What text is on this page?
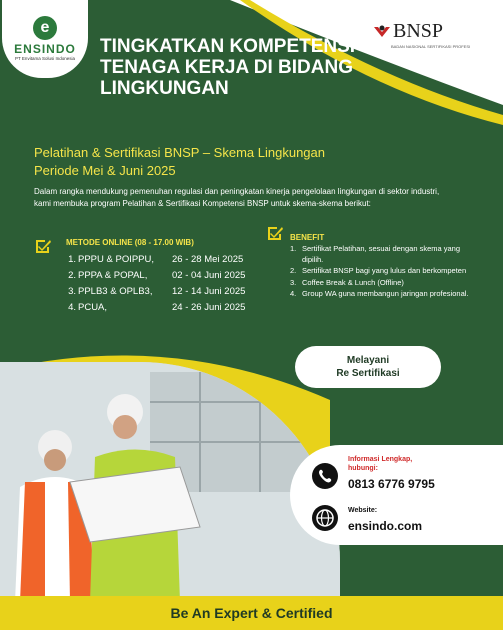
e
ENSINDO
PT Envitama Solusi Indonesia
BNSP
BADAN NASIONAL SERTIFIKASI PROFESI
TINGKATKAN KOMPETENSI TENAGA KERJA DI BIDANG LINGKUNGAN
Pelatihan & Sertifikasi BNSP – Skema Lingkungan
Periode Mei & Juni 2025
Dalam rangka mendukung pemenuhan regulasi dan peningkatan kinerja pengelolaan lingkungan di sektor industri, kami membuka program Pelatihan & Sertifikasi Kompetensi BNSP untuk skema-skema berikut:
METODE ONLINE (08 - 17.00 WIB)
1. PPPU & POIPPU,	26 - 28 Mei 2025
2. PPPA & POPAL,	02 - 04 Juni 2025
3. PPLB3 & OPLB3,	12 - 14 Juni 2025
4. PCUA,	24 - 26 Juni 2025
BENEFIT
1. Sertifikat Pelatihan, sesuai dengan skema yang dipilih.
2. Sertifikat BNSP bagi yang lulus dan berkompeten
3. Coffee Break & Lunch (Offline)
4. Group WA guna membangun jaringan profesional.
Melayani
Re Sertifikasi
Informasi Lengkap,
hubungi:
0813 6776 9795
Website:
ensindo.com
Be An Expert & Certified
